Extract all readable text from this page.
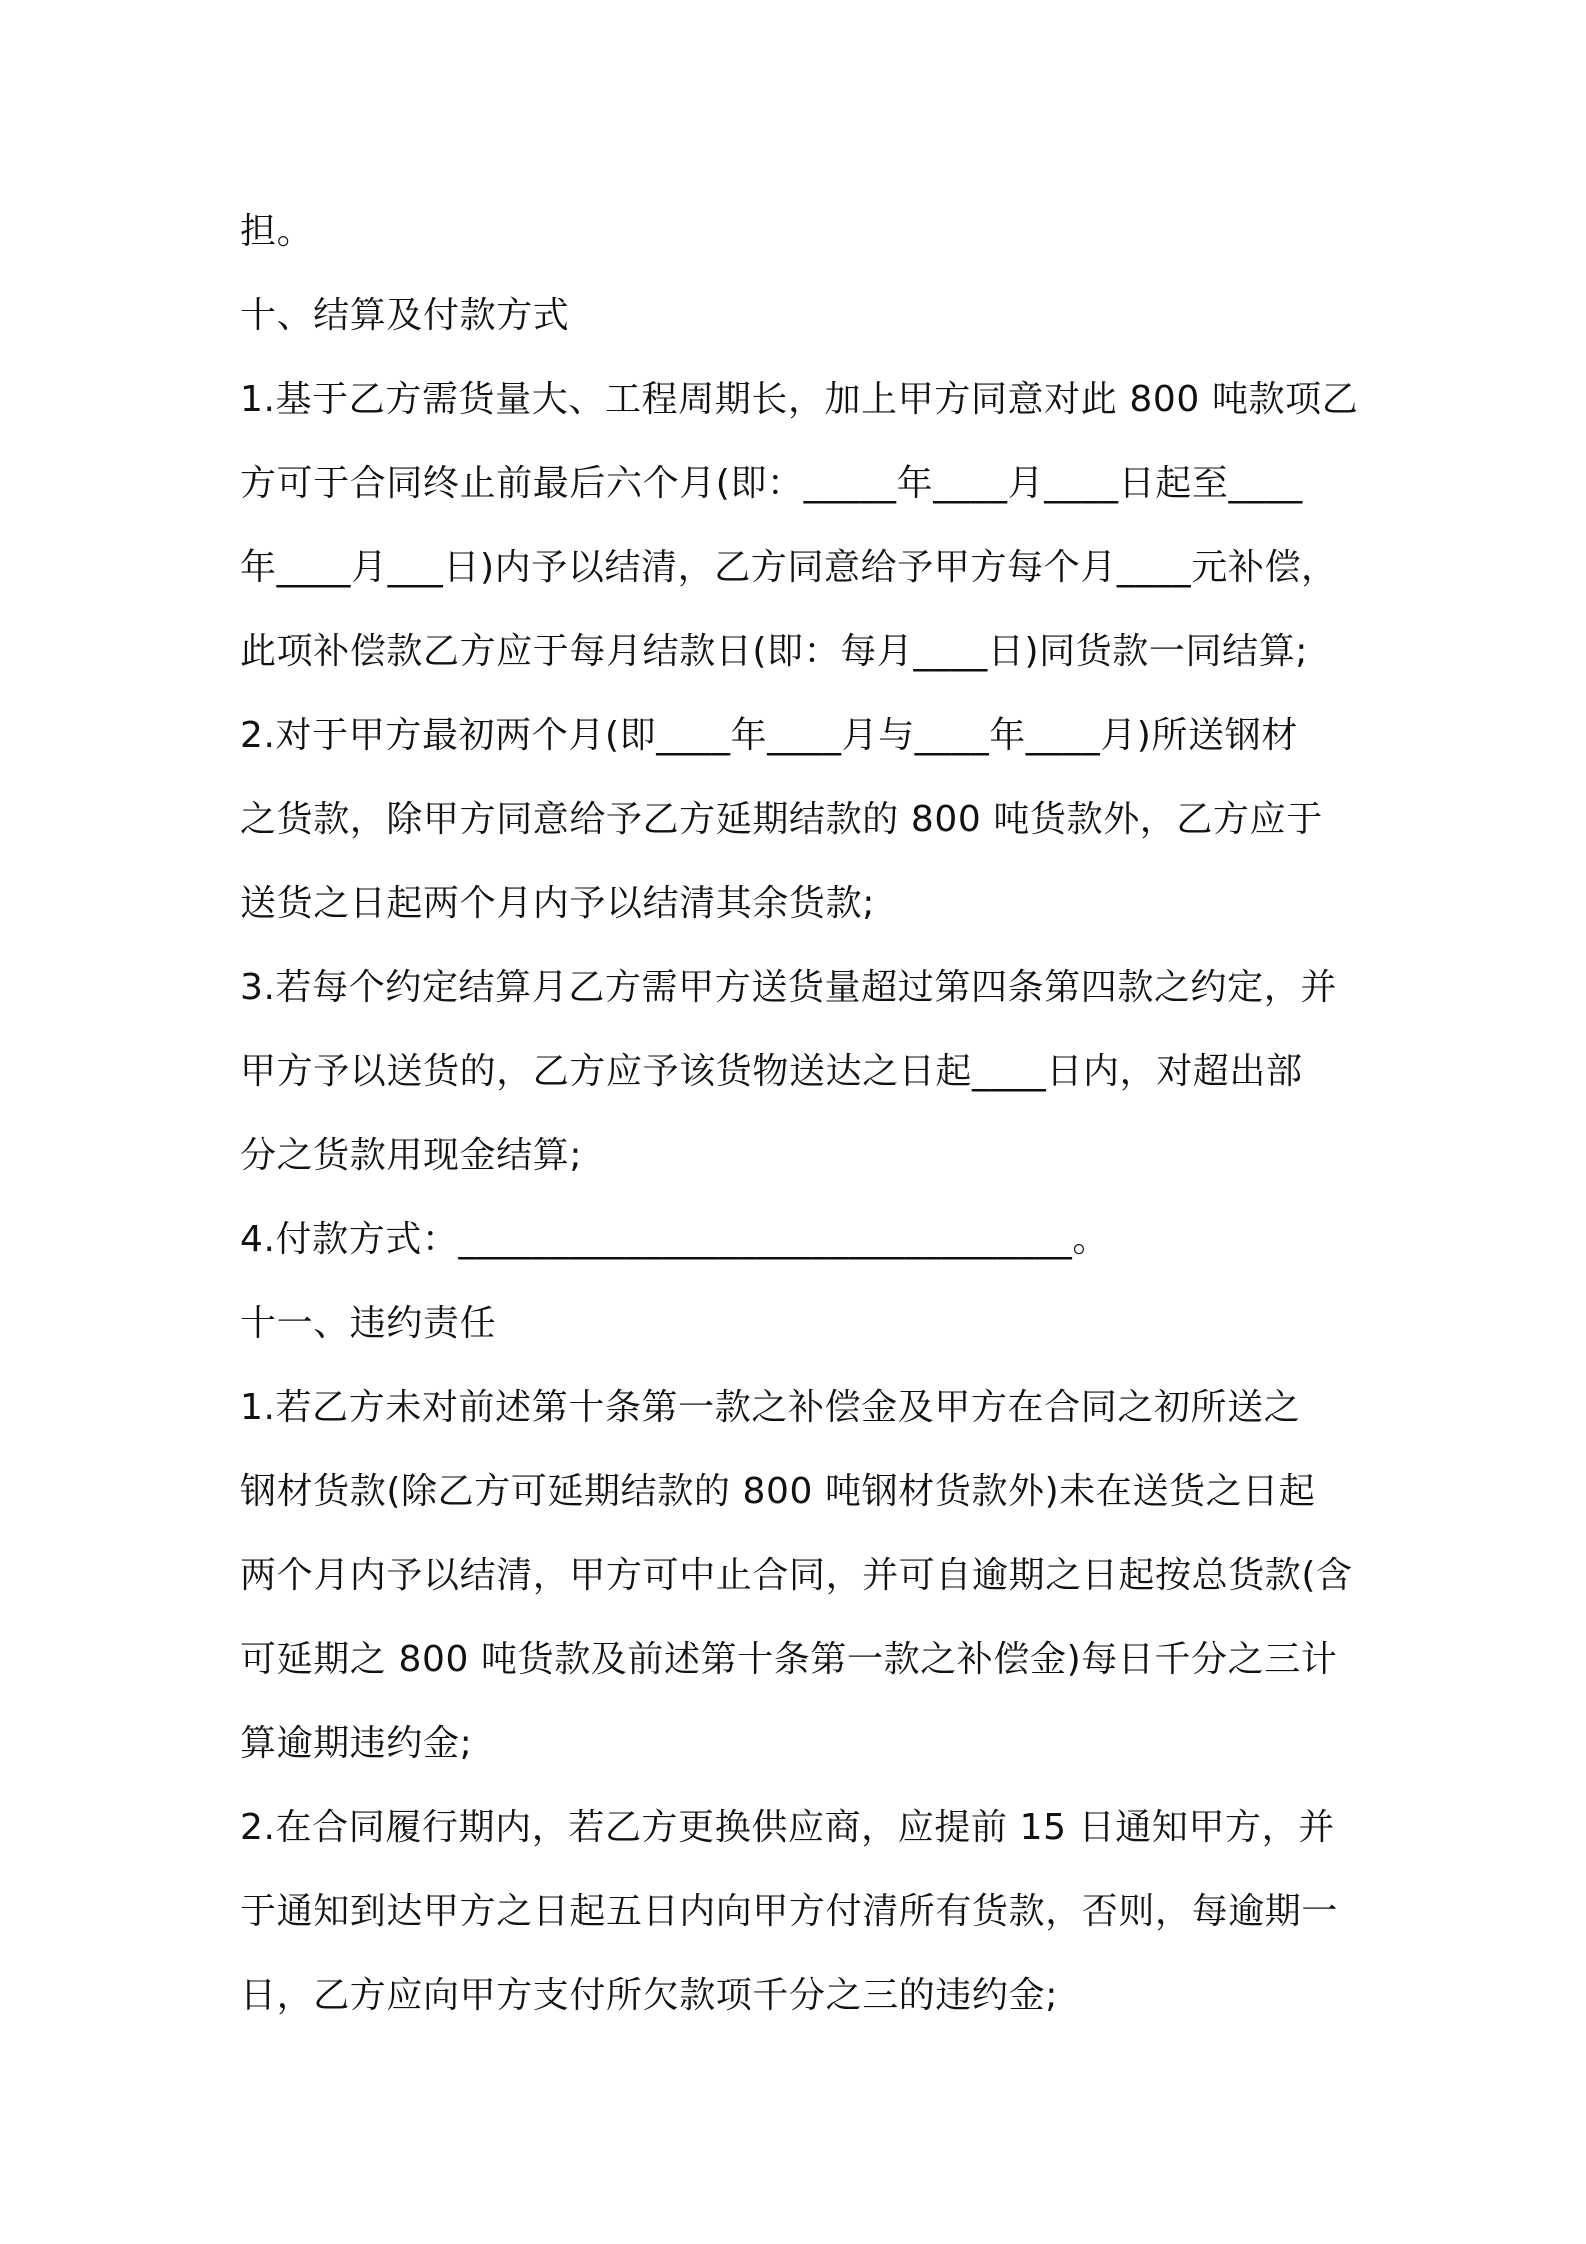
担。
十、结算及付款方式
1.基于乙方需货量大、工程周期长，加上甲方同意对此 800 吨款项乙
方可于合同终止前最后六个月(即：_____年____月____日起至____
年____月___日)内予以结清，乙方同意给予甲方每个月____元补偿，
此项补偿款乙方应于每月结款日(即：每月____日)同货款一同结算;
2.对于甲方最初两个月(即____年____月与____年____月)所送钢材
之货款，除甲方同意给予乙方延期结款的 800 吨货款外，乙方应于
送货之日起两个月内予以结清其余货款;
3.若每个约定结算月乙方需甲方送货量超过第四条第四款之约定，并
甲方予以送货的，乙方应予该货物送达之日起____日内，对超出部
分之货款用现金结算;
4.付款方式：_________________________________。
十一、违约责任
1.若乙方未对前述第十条第一款之补偿金及甲方在合同之初所送之
钢材货款(除乙方可延期结款的 800 吨钢材货款外)未在送货之日起
两个月内予以结清，甲方可中止合同，并可自逾期之日起按总货款(含
可延期之 800 吨货款及前述第十条第一款之补偿金)每日千分之三计
算逾期违约金;
2.在合同履行期内，若乙方更换供应商，应提前 15 日通知甲方，并
于通知到达甲方之日起五日内向甲方付清所有货款，否则，每逾期一
日，乙方应向甲方支付所欠款项千分之三的违约金;
